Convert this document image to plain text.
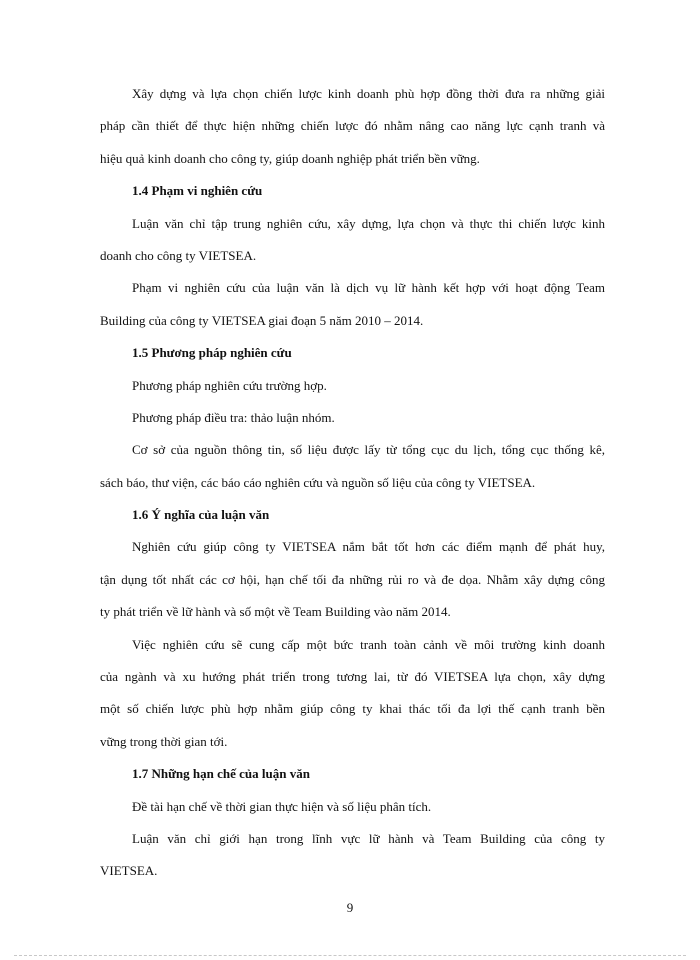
Xây dựng và lựa chọn chiến lược kinh doanh phù hợp đồng thời đưa ra những giải
pháp cần thiết để thực hiện những chiến lược đó nhằm nâng cao năng lực cạnh tranh và
hiệu quả kinh doanh cho công ty, giúp doanh nghiệp phát triển bền vững.
1.4 Phạm vi nghiên cứu
Luận văn chỉ tập trung nghiên cứu, xây dựng, lựa chọn và thực thi chiến lược kinh
doanh cho công ty VIETSEA.
Phạm vi nghiên cứu của luận văn là dịch vụ lữ hành kết hợp với hoạt động Team
Building của công ty VIETSEA giai đoạn 5 năm 2010 – 2014.
1.5 Phương pháp nghiên cứu
Phương pháp nghiên cứu trường hợp.
Phương pháp điều tra: thảo luận nhóm.
Cơ sở của nguồn thông tin, số liệu được lấy từ tổng cục du lịch, tổng cục thống kê,
sách báo, thư viện, các báo cáo nghiên cứu và nguồn số liệu của công ty VIETSEA.
1.6 Ý nghĩa của luận văn
Nghiên cứu giúp công ty VIETSEA nắm bắt tốt hơn các điểm mạnh để phát huy,
tận dụng tốt nhất các cơ hội, hạn chế tối đa những rủi ro và đe dọa. Nhằm xây dựng công
ty phát triển về lữ hành và số một về Team Building vào năm 2014.
Việc nghiên cứu sẽ cung cấp một bức tranh toàn cảnh về môi trường kinh doanh
của ngành và xu hướng phát triển trong tương lai, từ đó VIETSEA lựa chọn, xây dựng
một số chiến lược phù hợp nhằm giúp công ty khai thác tối đa lợi thế cạnh tranh bền
vững trong thời gian tới.
1.7 Những hạn chế của luận văn
Đề tài hạn chế về thời gian thực hiện và số liệu phân tích.
Luận văn chỉ giới hạn trong lĩnh vực lữ hành và Team Building của công ty
VIETSEA.
9
